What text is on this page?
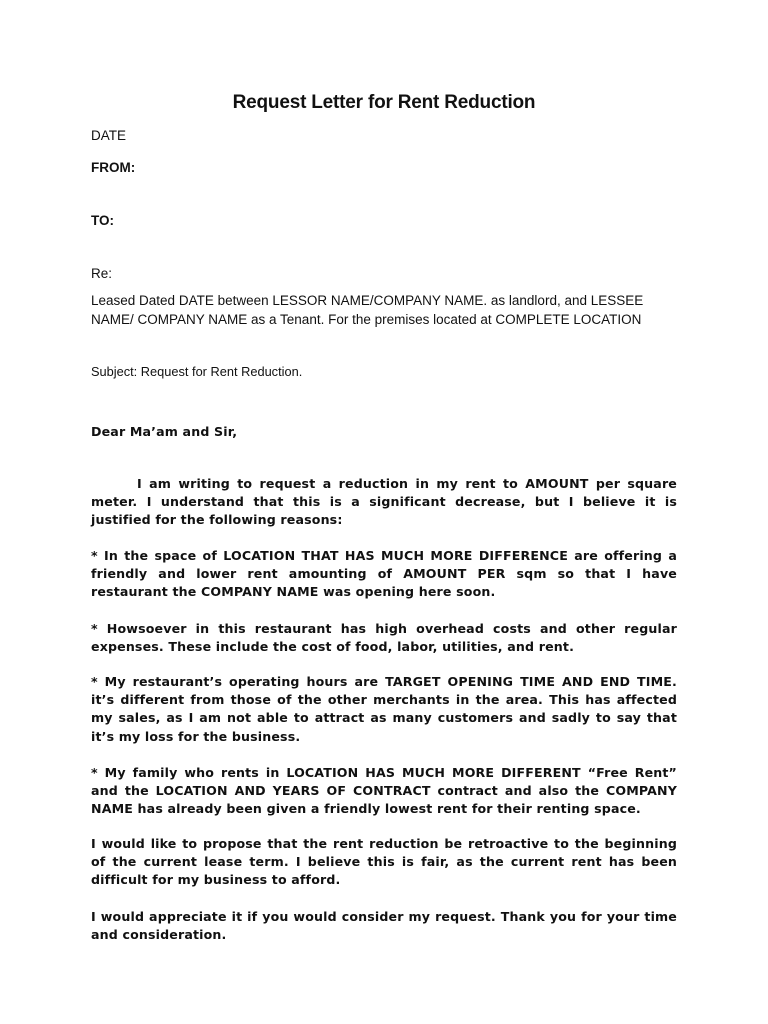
Request Letter for Rent Reduction
DATE
FROM:
TO:
Re:
Leased Dated DATE between LESSOR NAME/COMPANY NAME. as landlord, and LESSEE NAME/ COMPANY NAME as a Tenant. For the premises located at COMPLETE LOCATION
Subject: Request for Rent Reduction.
Dear Ma’am and Sir,
I am writing to request a reduction in my rent to AMOUNT per square meter. I understand that this is a significant decrease, but I believe it is justified for the following reasons:
* In the space of LOCATION THAT HAS MUCH MORE DIFFERENCE are offering a friendly and lower rent amounting of AMOUNT PER sqm so that I have restaurant the COMPANY NAME was opening here soon.
* Howsoever in this restaurant has high overhead costs and other regular expenses. These include the cost of food, labor, utilities, and rent.
* My restaurant’s operating hours are TARGET OPENING TIME AND END TIME. it’s different from those of the other merchants in the area. This has affected my sales, as I am not able to attract as many customers and sadly to say that it’s my loss for the business.
* My family who rents in LOCATION HAS MUCH MORE DIFFERENT “Free Rent” and the LOCATION AND YEARS OF CONTRACT contract and also the COMPANY NAME has already been given a friendly lowest rent for their renting space.
I would like to propose that the rent reduction be retroactive to the beginning of the current lease term. I believe this is fair, as the current rent has been difficult for my business to afford.
I would appreciate it if you would consider my request. Thank you for your time and consideration.
